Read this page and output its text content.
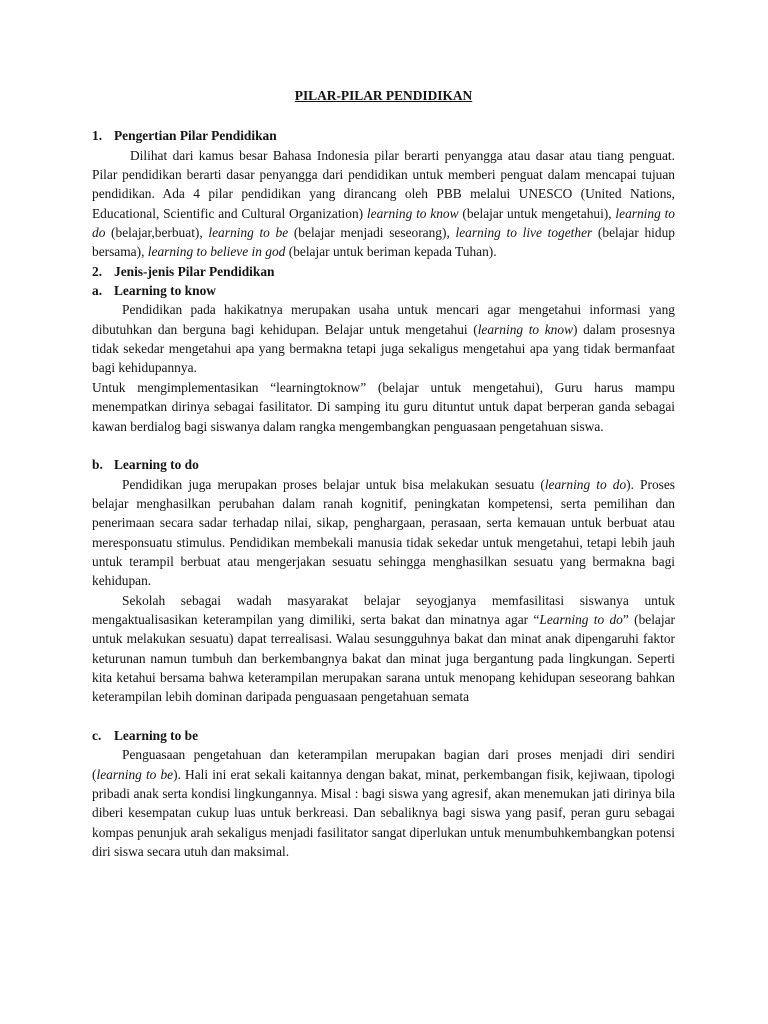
PILAR-PILAR PENDIDIKAN
1. Pengertian Pilar Pendidikan

Dilihat dari kamus besar Bahasa Indonesia pilar berarti penyangga atau dasar atau tiang penguat. Pilar pendidikan berarti dasar penyangga dari pendidikan untuk memberi penguat dalam mencapai tujuan pendidikan. Ada 4 pilar pendidikan yang dirancang oleh PBB melalui UNESCO (United Nations, Educational, Scientific and Cultural Organization) learning to know (belajar untuk mengetahui), learning to do (belajar,berbuat), learning to be (belajar menjadi seseorang), learning to live together (belajar hidup bersama), learning to believe in god (belajar untuk beriman kepada Tuhan).

2. Jenis-jenis Pilar Pendidikan
a. Learning to know

Pendidikan pada hakikatnya merupakan usaha untuk mencari agar mengetahui informasi yang dibutuhkan dan berguna bagi kehidupan. Belajar untuk mengetahui (learning to know) dalam prosesnya tidak sekedar mengetahui apa yang bermakna tetapi juga sekaligus mengetahui apa yang tidak bermanfaat bagi kehidupannya.

Untuk mengimplementasikan “learningtoknow” (belajar untuk mengetahui), Guru harus mampu menempatkan dirinya sebagai fasilitator. Di samping itu guru dituntut untuk dapat berperan ganda sebagai kawan berdialog bagi siswanya dalam rangka mengembangkan penguasaan pengetahuan siswa.

b. Learning to do

Pendidikan juga merupakan proses belajar untuk bisa melakukan sesuatu (learning to do). Proses belajar menghasilkan perubahan dalam ranah kognitif, peningkatan kompetensi, serta pemilihan dan penerimaan secara sadar terhadap nilai, sikap, penghargaan, perasaan, serta kemauan untuk berbuat atau meresponsuatu stimulus. Pendidikan membekali manusia tidak sekedar untuk mengetahui, tetapi lebih jauh untuk terampil berbuat atau mengerjakan sesuatu sehingga menghasilkan sesuatu yang bermakna bagi kehidupan.

Sekolah sebagai wadah masyarakat belajar seyogjanya memfasilitasi siswanya untuk mengaktualisasikan keterampilan yang dimiliki, serta bakat dan minatnya agar “Learning to do” (belajar untuk melakukan sesuatu) dapat terrealisasi. Walau sesungguhnya bakat dan minat anak dipengaruhi faktor keturunan namun tumbuh dan berkembangnya bakat dan minat juga bergantung pada lingkungan. Seperti kita ketahui bersama bahwa keterampilan merupakan sarana untuk menopang kehidupan seseorang bahkan keterampilan lebih dominan daripada penguasaan pengetahuan semata

c. Learning to be

Penguasaan pengetahuan dan keterampilan merupakan bagian dari proses menjadi diri sendiri (learning to be). Hali ini erat sekali kaitannya dengan bakat, minat, perkembangan fisik, kejiwaan, tipologi pribadi anak serta kondisi lingkungannya. Misal : bagi siswa yang agresif, akan menemukan jati dirinya bila diberi kesempatan cukup luas untuk berkreasi. Dan sebaliknya bagi siswa yang pasif, peran guru sebagai kompas penunjuk arah sekaligus menjadi fasilitator sangat diperlukan untuk menumbuhkembangkan potensi diri siswa secara utuh dan maksimal.
